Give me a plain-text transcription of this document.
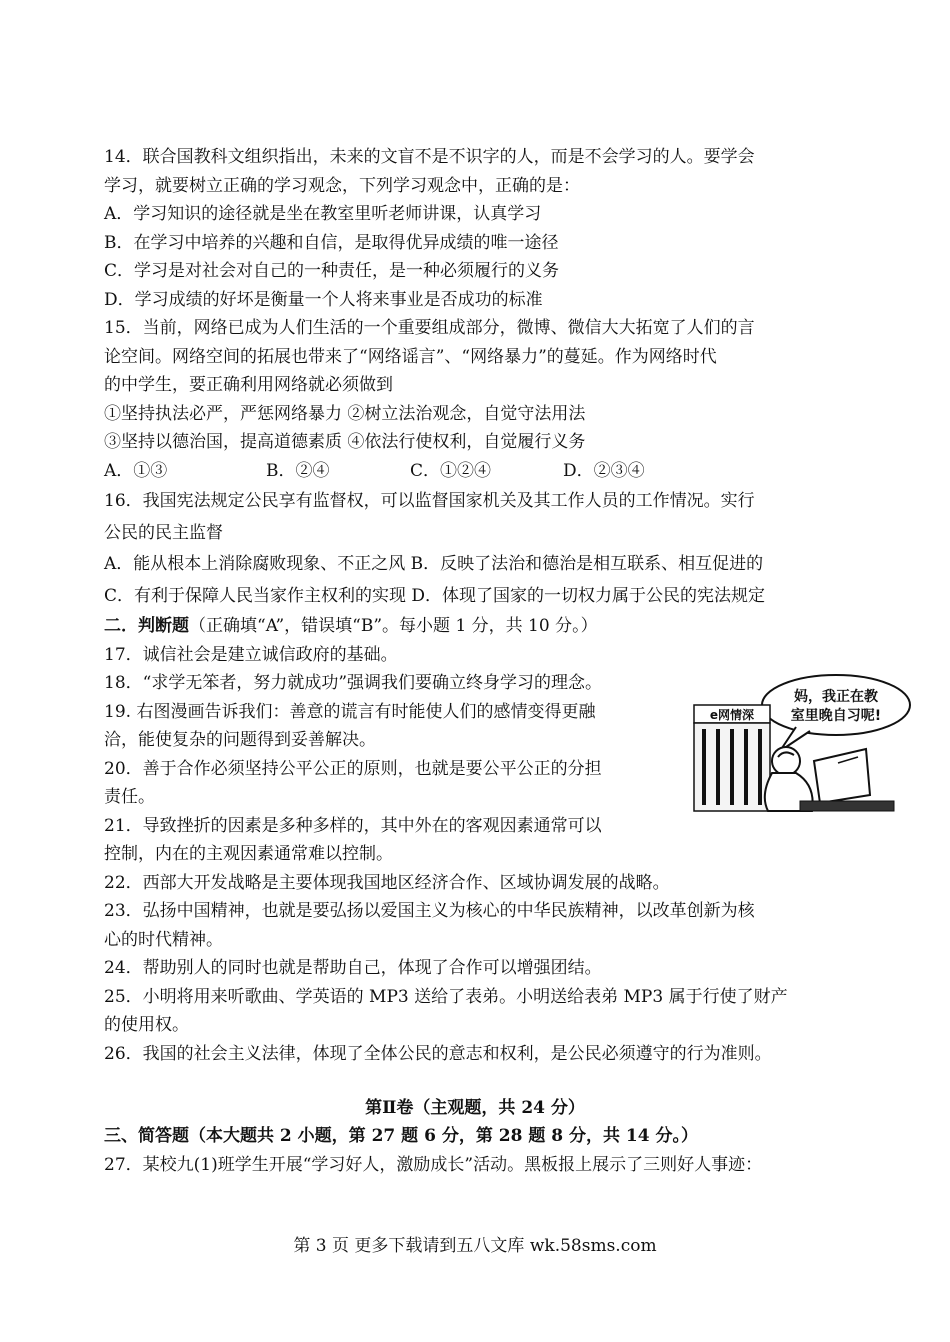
14．联合国教科文组织指出，未来的文盲不是不识字的人，而是不会学习的人。要学会
学习，就要树立正确的学习观念，下列学习观念中，正确的是：
A．学习知识的途径就是坐在教室里听老师讲课，认真学习
B．在学习中培养的兴趣和自信，是取得优异成绩的唯一途径
C．学习是对社会对自己的一种责任，是一种必须履行的义务
D．学习成绩的好坏是衡量一个人将来事业是否成功的标准
15．当前，网络已成为人们生活的一个重要组成部分，微博、微信大大拓宽了人们的言
论空间。网络空间的拓展也带来了“网络谣言”、“网络暴力”的蔓延。作为网络时代
的中学生，要正确利用网络就必须做到
①坚持执法必严，严惩网络暴力 ②树立法治观念，自觉守法用法
③坚持以德治国，提高道德素质 ④依法行使权利，自觉履行义务
A．①③	B．②④	C．①②④	D．②③④
16．我国宪法规定公民享有监督权，可以监督国家机关及其工作人员的工作情况。实行
公民的民主监督
A．能从根本上消除腐败现象、不正之风 B．反映了法治和德治是相互联系、相互促进的
C．有利于保障人民当家作主权利的实现 D．体现了国家的一切权力属于公民的宪法规定
二．判断题（正确填“A”，错误填“B”。每小题 1 分，共 10 分。）
17．诚信社会是建立诚信政府的基础。
18．“求学无笨者，努力就成功”强调我们要确立终身学习的理念。
19. 右图漫画告诉我们：善意的谎言有时能使人们的感情变得更融
洽，能使复杂的问题得到妥善解决。
20．善于合作必须坚持公平公正的原则，也就是要公平公正的分担
责任。
21．导致挫折的因素是多种多样的，其中外在的客观因素通常可以
控制，内在的主观因素通常难以控制。
22．西部大开发战略是主要体现我国地区经济合作、区域协调发展的战略。
23．弘扬中国精神，也就是要弘扬以爱国主义为核心的中华民族精神，以改革创新为核
心的时代精神。
24．帮助别人的同时也就是帮助自己，体现了合作可以增强团结。
25．小明将用来听歌曲、学英语的 MP3 送给了表弟。小明送给表弟 MP3 属于行使了财产
的使用权。
26．我国的社会主义法律，体现了全体公民的意志和权利，是公民必须遵守的行为准则。
妈，我正在教
室里晚自习呢!
e网情深
第Ⅱ卷（主观题，共 24 分）
三、简答题（本大题共 2 小题，第 27 题 6 分，第 28 题 8 分，共 14 分。）
27．某校九(1)班学生开展“学习好人，激励成长”活动。黑板报上展示了三则好人事迹：
第 3 页 更多下载请到五八文库 wk.58sms.com
